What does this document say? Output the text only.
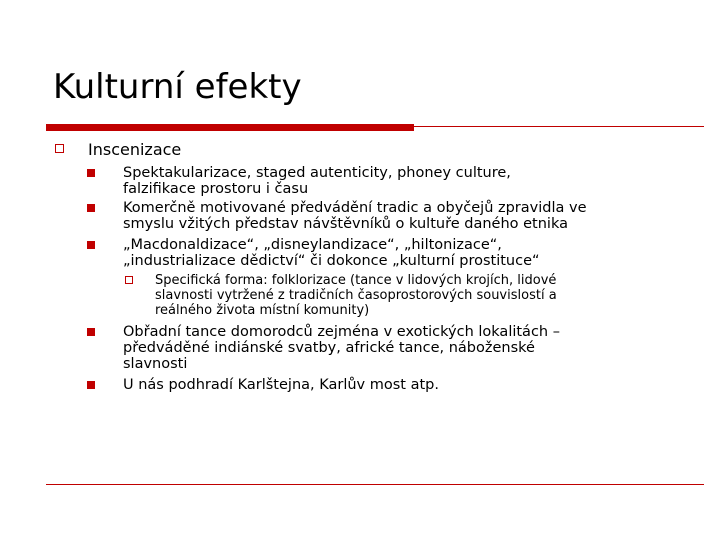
Kulturní efekty
Inscenizace
Spektakularizace, staged autenticity, phoney culture,
falzifikace prostoru i času
Komerčně motivované předvádění tradic a obyčejů zpravidla ve
smyslu vžitých představ návštěvníků o kultuře daného etnika
„Macdonaldizace“, „disneylandizace“, „hiltonizace“,
„industrializace dědictví“ či dokonce „kulturní prostituce“
Specifická forma: folklorizace (tance v lidových krojích, lidové
slavnosti vytržené z tradičních časoprostorových souvislostí a
reálného života místní komunity)
Obřadní tance domorodců zejména v exotických lokalitách –
předváděné indiánské svatby, africké tance, náboženské
slavnosti
U nás podhradí Karlštejna, Karlův most atp.
